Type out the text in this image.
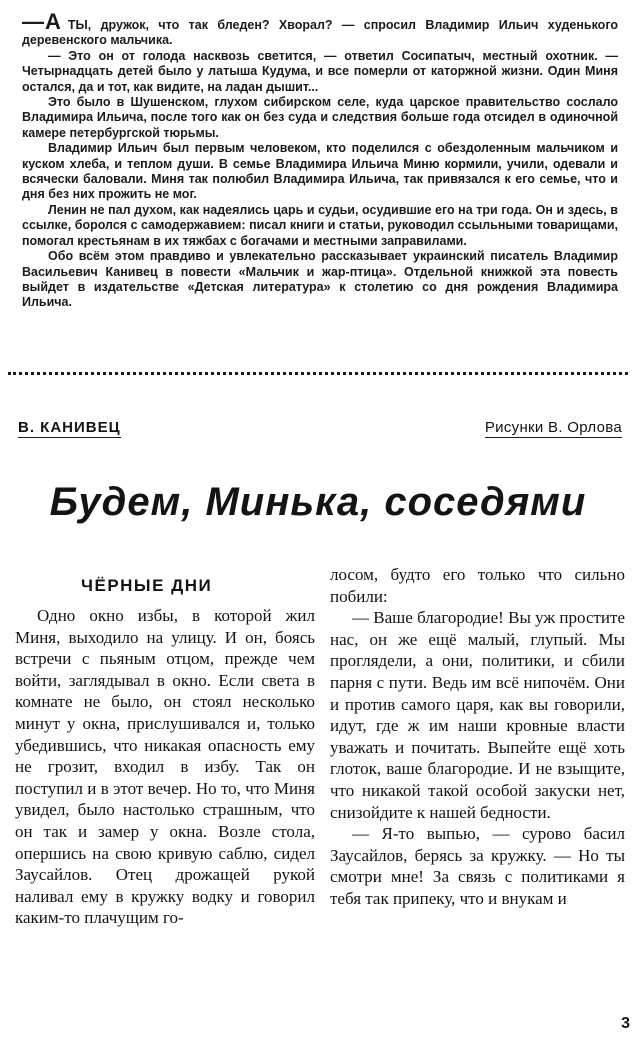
—А ТЫ, дружок, что так бледен? Хворал? — спросил Владимир Ильич худенького деревенского мальчика.

— Это он от голода насквозь светится, — ответил Сосипатыч, местный охотник. — Четырнадцать детей было у латыша Кудума, и все померли от каторжной жизни. Один Миня остался, да и тот, как видите, на ладан дышит...

Это было в Шушенском, глухом сибирском селе, куда царское правительство сослало Владимира Ильича, после того как он без суда и следствия больше года отсидел в одиночной камере петербургской тюрьмы.

Владимир Ильич был первым человеком, кто поделился с обездоленным мальчиком и куском хлеба, и теплом души. В семье Владимира Ильича Миню кормили, учили, одевали и всячески баловали. Миня так полюбил Владимира Ильича, так привязался к его семье, что и дня без них прожить не мог.

Ленин не пал духом, как надеялись царь и судьи, осудившие его на три года. Он и здесь, в ссылке, боролся с самодержавием: писал книги и статьи, руководил ссыльными товарищами, помогал крестьянам в их тяжбах с богачами и местными заправилами.

Обо всём этом правдиво и увлекательно рассказывает украинский писатель Владимир Васильевич Канивец в повести «Мальчик и жар-птица». Отдельной книжкой эта повесть выйдет в издательстве «Детская литература» к столетию со дня рождения Владимира Ильича.

В. КАНИВЕЦ	Рисунки В. Орлова
Будем, Минька, соседями
ЧЁРНЫЕ ДНИ

Одно окно избы, в которой жил Миня, выходило на улицу. И он, боясь встречи с пьяным отцом, прежде чем войти, заглядывал в окно. Если света в комнате не было, он стоял несколько минут у окна, прислушивался и, только убедившись, что никакая опасность ему не грозит, входил в избу. Так он поступил и в этот вечер. Но то, что Миня увидел, было настолько страшным, что он так и замер у окна. Возле стола, опершись на свою кривую саблю, сидел Заусайлов. Отец дрожащей рукой наливал ему в кружку водку и говорил каким-то плачущим го-

лосом, будто его только что сильно побили:

— Ваше благородие! Вы уж простите нас, он же ещё малый, глупый. Мы проглядели, а они, политики, и сбили парня с пути. Ведь им всё нипочём. Они и против самого царя, как вы говорили, идут, где ж им наши кровные власти уважать и почитать. Выпейте ещё хоть глоток, ваше благородие. И не взыщите, что никакой такой особой закуски нет, снизойдите к нашей бедности.

— Я-то выпью, — сурово басил Заусайлов, берясь за кружку. — Но ты смотри мне! За связь с политиками я тебя так припеку, что и внукам и

3
